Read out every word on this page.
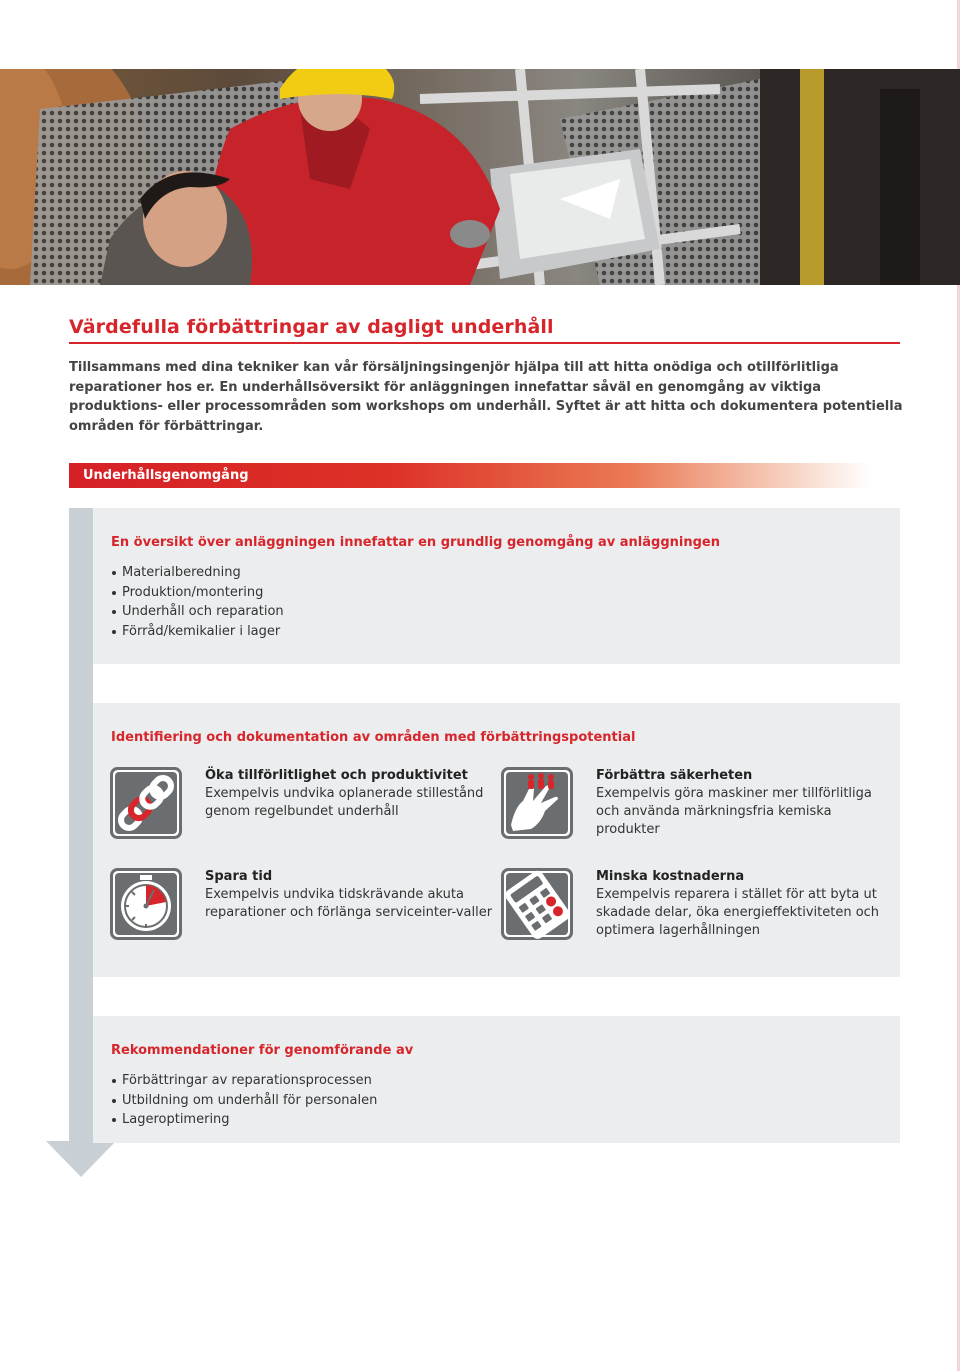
Värdefulla förbättringar av dagligt underhåll

Tillsammans med dina tekniker kan vår försäljningsingenjör hjälpa till att hitta onödiga och otillförlitliga reparationer hos er. En underhållsöversikt för anläggningen innefattar såväl en genomgång av viktiga produktions- eller processområden som workshops om underhåll. Syftet är att hitta och dokumentera potentiella områden för förbättringar.

Underhållsgenomgång
En översikt över anläggningen innefattar en grundlig genomgång av anläggningen
Materialberedning
Produktion/montering
Underhåll och reparation
Förråd/kemikalier i lager
Identifiering och dokumentation av områden med förbättringspotential
Öka tillförlitlighet och produktivitet
Exempelvis undvika oplanerade stillestånd genom regelbundet underhåll
Förbättra säkerheten
Exempelvis göra maskiner mer tillförlitliga och använda märkningsfria kemiska produkter
Spara tid
Exempelvis undvika tidskrävande akuta reparationer och förlänga serviceinter-valler
Minska kostnaderna
Exempelvis reparera i stället för att byta ut skadade delar, öka energieffektiviteten och optimera lagerhållningen
Rekommendationer för genomförande av
Förbättringar av reparationsprocessen
Utbildning om underhåll för personalen
Lageroptimering
